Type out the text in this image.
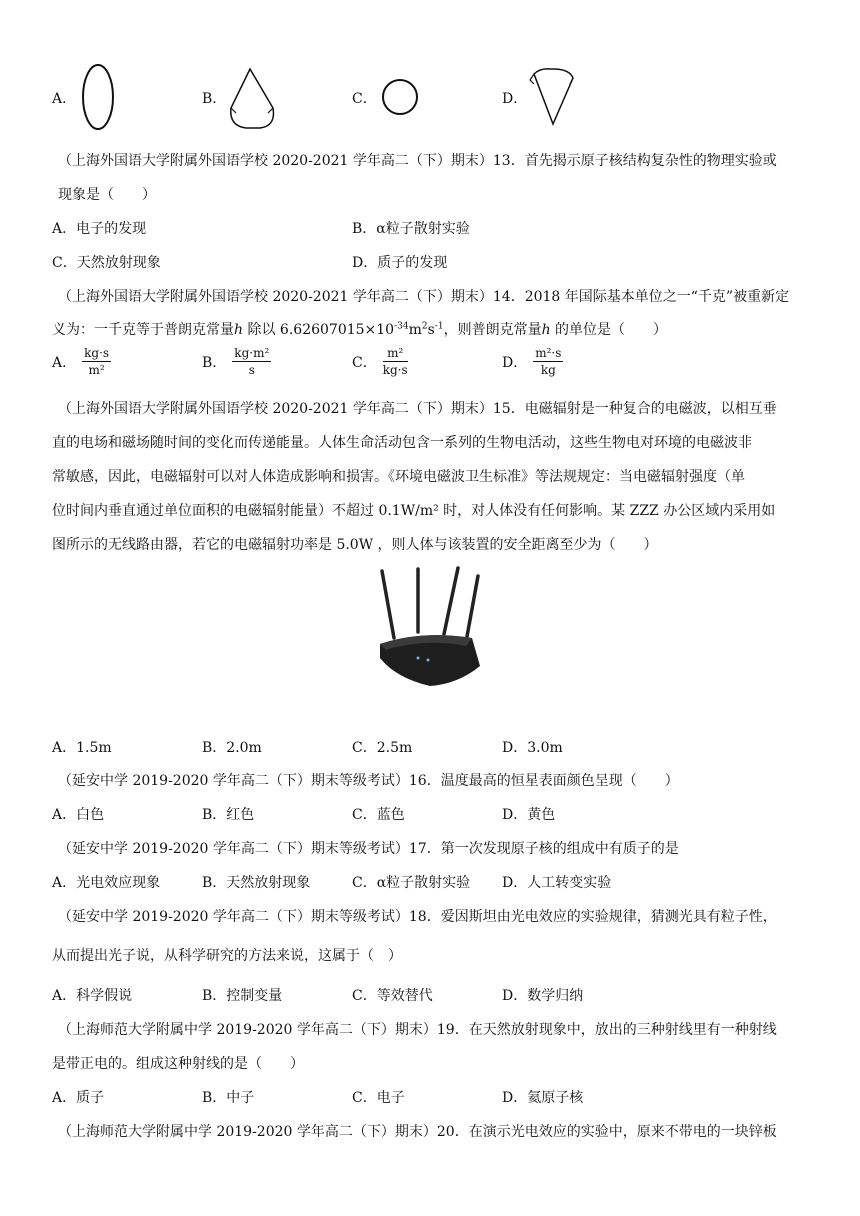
A．	B．	C．	D．
（上海外国语大学附属外国语学校 2020-2021 学年高二（下）期末）13．首先揭示原子核结构复杂性的物理实验或
现象是（　　）
A．电子的发现	B．α粒子散射实验
C．天然放射现象	D．质子的发现
（上海外国语大学附属外国语学校 2020-2021 学年高二（下）期末）14．2018 年国际基本单位之一“千克”被重新定
义为：一千克等于普朗克常量h 除以 $6.62607015\times 10^{-34}m^2s^{-1}$，则普朗克常量h 的单位是（　　）
A． $\frac{kg\cdot s}{\text{m²}}$	B． $\frac{\text{kg·m²}}{s}$	C． $\frac{\text{m²}}{kg\cdot s}$	D． $\frac{\text{m²·s}}{kg}$
（上海外国语大学附属外国语学校 2020-2021 学年高二（下）期末）15．电磁辐射是一种复合的电磁波，以相互垂
直的电场和磁场随时间的变化而传递能量。人体生命活动包含一系列的生物电活动，这些生物电对环境的电磁波非
常敏感，因此，电磁辐射可以对人体造成影响和损害。《环境电磁波卫生标准》等法规规定：当电磁辐射强度（单
位时间内垂直通过单位面积的电磁辐射能量）不超过 0.1W/m² 时，对人体没有任何影响。某 ZZZ 办公区域内采用如
图所示的无线路由器，若它的电磁辐射功率是 5.0W ，则人体与该装置的安全距离至少为（　　）
A．1.5m	B．2.0m	C．2.5m	D．3.0m
（延安中学 2019-2020 学年高二（下）期末等级考试）16．温度最高的恒星表面颜色呈现（　　）
A．白色	B．红色	C．蓝色	D．黄色
（延安中学 2019-2020 学年高二（下）期末等级考试）17．第一次发现原子核的组成中有质子的是
A．光电效应现象	B．天然放射现象	C．α粒子散射实验 D．人工转变实验
（延安中学 2019-2020 学年高二（下）期末等级考试）18．爱因斯坦由光电效应的实验规律，猜测光具有粒子性，
从而提出光子说，从科学研究的方法来说，这属于（　）
A．科学假说	B．控制变量	C．等效替代	D．数学归纳
（上海师范大学附属中学 2019-2020 学年高二（下）期末）19．在天然放射现象中，放出的三种射线里有一种射线
是带正电的。组成这种射线的是（　　）
A．质子	B．中子	C．电子	D．氦原子核
（上海师范大学附属中学 2019-2020 学年高二（下）期末）20．在演示光电效应的实验中，原来不带电的一块锌板
